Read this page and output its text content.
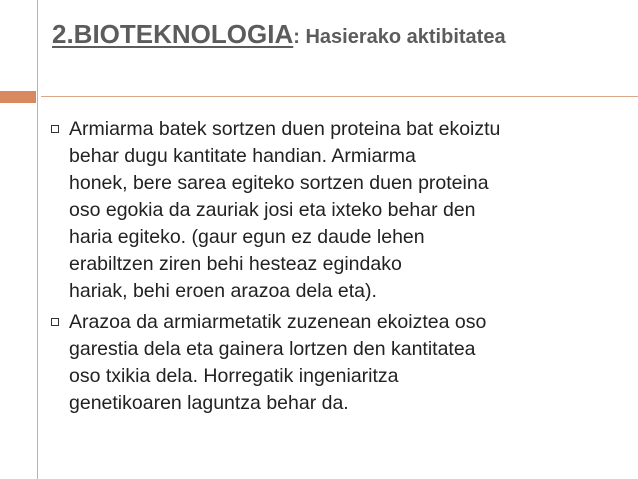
2.BIOTEKNOLOGIA: Hasierako aktibitatea
Armiarma batek sortzen duen proteina bat ekoiztu
behar dugu kantitate handian. Armiarma
honek, bere sarea egiteko sortzen duen proteina
oso egokia da zauriak josi eta ixteko behar den
haria egiteko. (gaur egun ez daude lehen
erabiltzen ziren behi hesteaz egindako
hariak, behi eroen arazoa dela eta).
Arazoa da armiarmetatik zuzenean ekoiztea oso
garestia dela eta gainera lortzen den kantitatea
oso txikia dela. Horregatik ingeniaritza
genetikoaren laguntza behar da.
